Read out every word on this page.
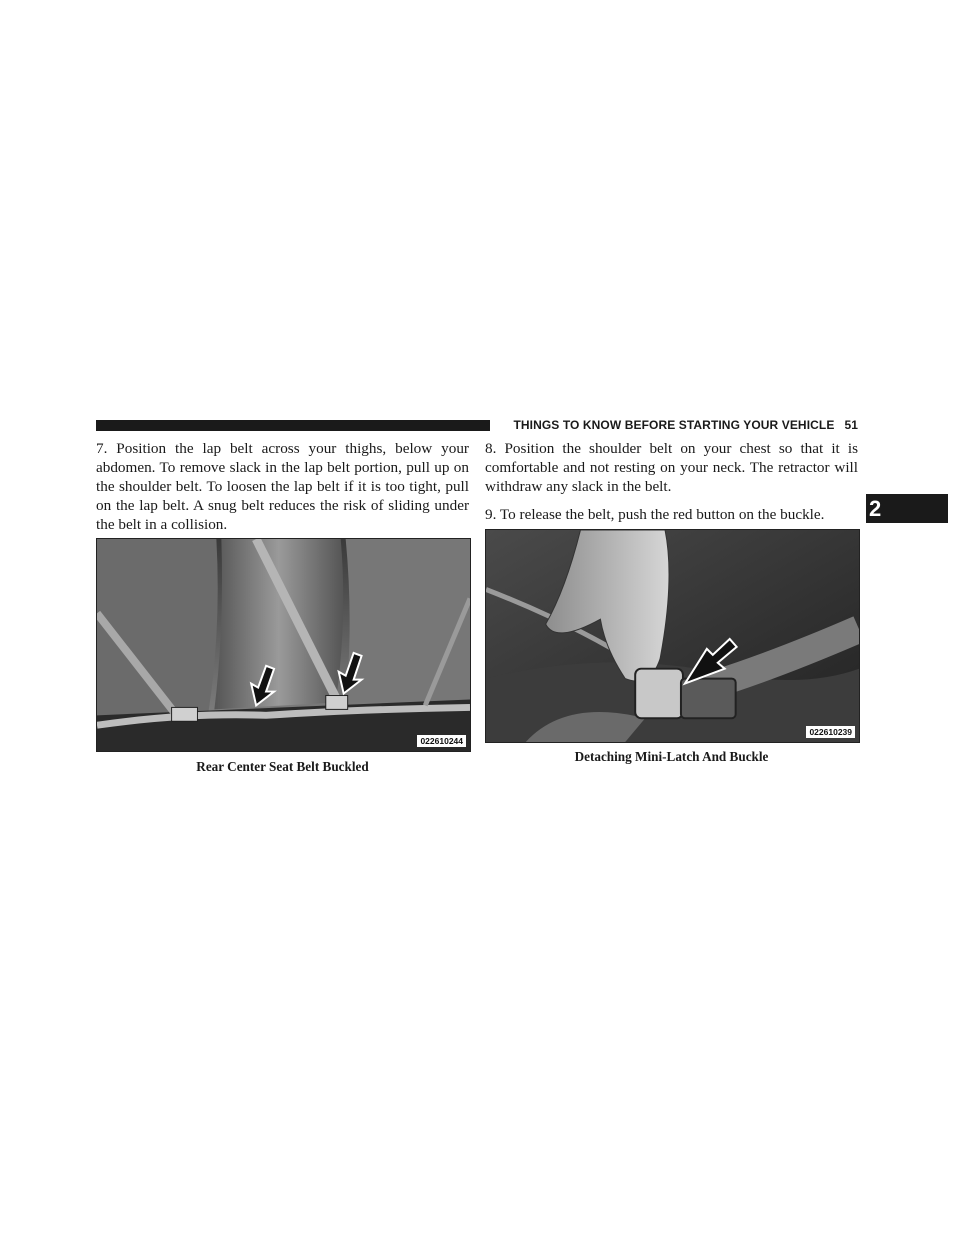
THINGS TO KNOW BEFORE STARTING YOUR VEHICLE 51
2

7. Position the lap belt across your thighs, below your abdomen. To remove slack in the lap belt portion, pull up on the shoulder belt. To loosen the lap belt if it is too tight, pull on the lap belt. A snug belt reduces the risk of sliding under the belt in a collision.

8. Position the shoulder belt on your chest so that it is comfortable and not resting on your neck. The retractor will withdraw any slack in the belt.

9. To release the belt, push the red button on the buckle.

022610244

Rear Center Seat Belt Buckled

022610239

Detaching Mini-Latch And Buckle
